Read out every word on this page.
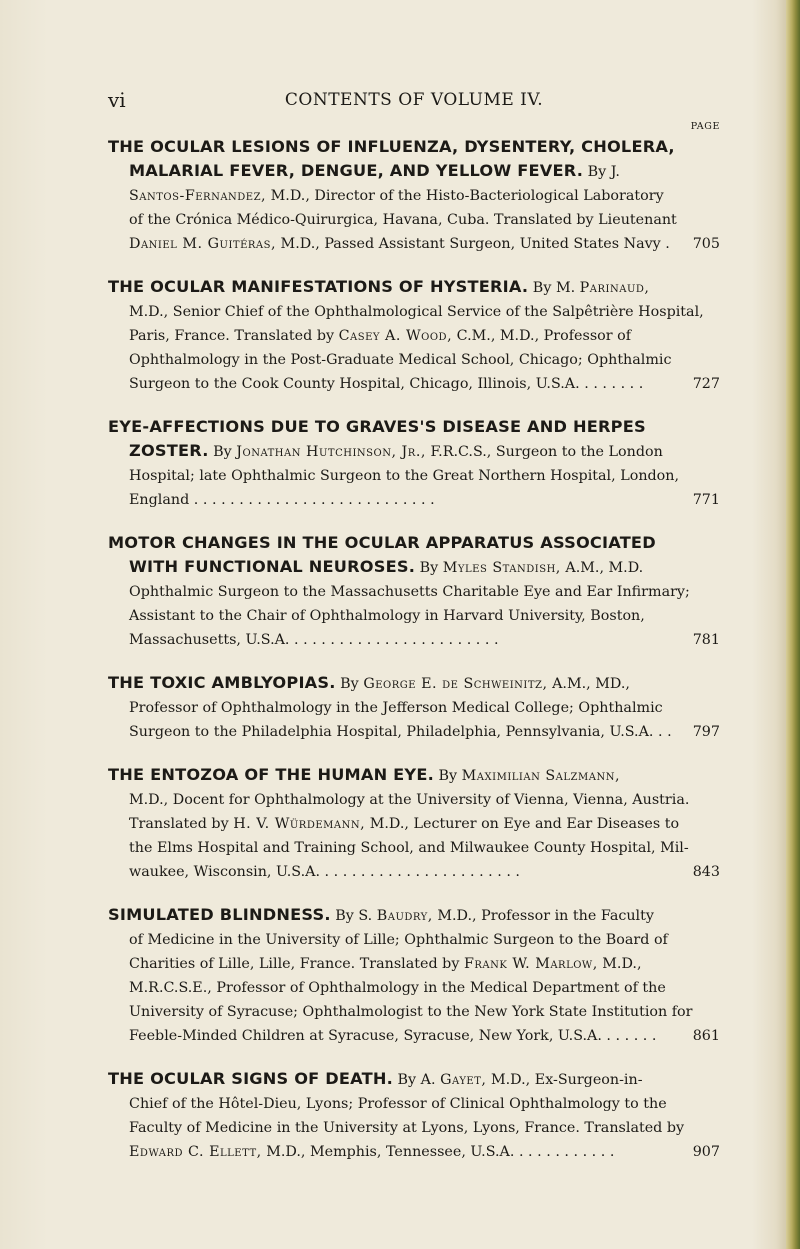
vi	CONTENTS OF VOLUME IV.
PAGE
THE OCULAR LESIONS OF INFLUENZA, DYSENTERY, CHOLERA,
MALARIAL FEVER, DENGUE, AND YELLOW FEVER. By J.
Santos-Fernandez, M.D., Director of the Histo-Bacteriological Laboratory
of the Crónica Médico-Quirurgica, Havana, Cuba. Translated by Lieutenant
Daniel M. Guitéras, M.D., Passed Assistant Surgeon, United States Navy . 705
THE OCULAR MANIFESTATIONS OF HYSTERIA. By M. Parinaud,
M.D., Senior Chief of the Ophthalmological Service of the Salpêtrière Hospital,
Paris, France. Translated by Casey A. Wood, C.M., M.D., Professor of
Ophthalmology in the Post-Graduate Medical School, Chicago; Ophthalmic
Surgeon to the Cook County Hospital, Chicago, Illinois, U.S.A. . . . . . . .	727
EYE-AFFECTIONS DUE TO GRAVES'S DISEASE AND HERPES
ZOSTER. By Jonathan Hutchinson, Jr., F.R.C.S., Surgeon to the London
Hospital; late Ophthalmic Surgeon to the Great Northern Hospital, London,
England . . . . . . . . . . . . . . . . . . . . . . . . . . .	771
MOTOR CHANGES IN THE OCULAR APPARATUS ASSOCIATED
WITH FUNCTIONAL NEUROSES. By Myles Standish, A.M., M.D.
Ophthalmic Surgeon to the Massachusetts Charitable Eye and Ear Infirmary;
Assistant to the Chair of Ophthalmology in Harvard University, Boston,
Massachusetts, U.S.A. . . . . . . . . . . . . . . . . . . . . . . .	781
THE TOXIC AMBLYOPIAS. By George E. de Schweinitz, A.M., MD.,
Professor of Ophthalmology in the Jefferson Medical College; Ophthalmic
Surgeon to the Philadelphia Hospital, Philadelphia, Pennsylvania, U.S.A. . . 797
THE ENTOZOA OF THE HUMAN EYE. By Maximilian Salzmann,
M.D., Docent for Ophthalmology at the University of Vienna, Vienna, Austria.
Translated by H. V. Würdemann, M.D., Lecturer on Eye and Ear Diseases to
the Elms Hospital and Training School, and Milwaukee County Hospital, Mil-
waukee, Wisconsin, U.S.A. . . . . . . . . . . . . . . . . . . . . . .	843
SIMULATED BLINDNESS. By S. Baudry, M.D., Professor in the Faculty
of Medicine in the University of Lille; Ophthalmic Surgeon to the Board of
Charities of Lille, Lille, France. Translated by Frank W. Marlow, M.D.,
M.R.C.S.E., Professor of Ophthalmology in the Medical Department of the
University of Syracuse; Ophthalmologist to the New York State Institution for
Feeble-Minded Children at Syracuse, Syracuse, New York, U.S.A. . . . . . .	861
THE OCULAR SIGNS OF DEATH. By A. Gayet, M.D., Ex-Surgeon-in-
Chief of the Hôtel-Dieu, Lyons; Professor of Clinical Ophthalmology to the
Faculty of Medicine in the University at Lyons, Lyons, France. Translated by
Edward C. Ellett, M.D., Memphis, Tennessee, U.S.A. . . . . . . . . . . .	907
